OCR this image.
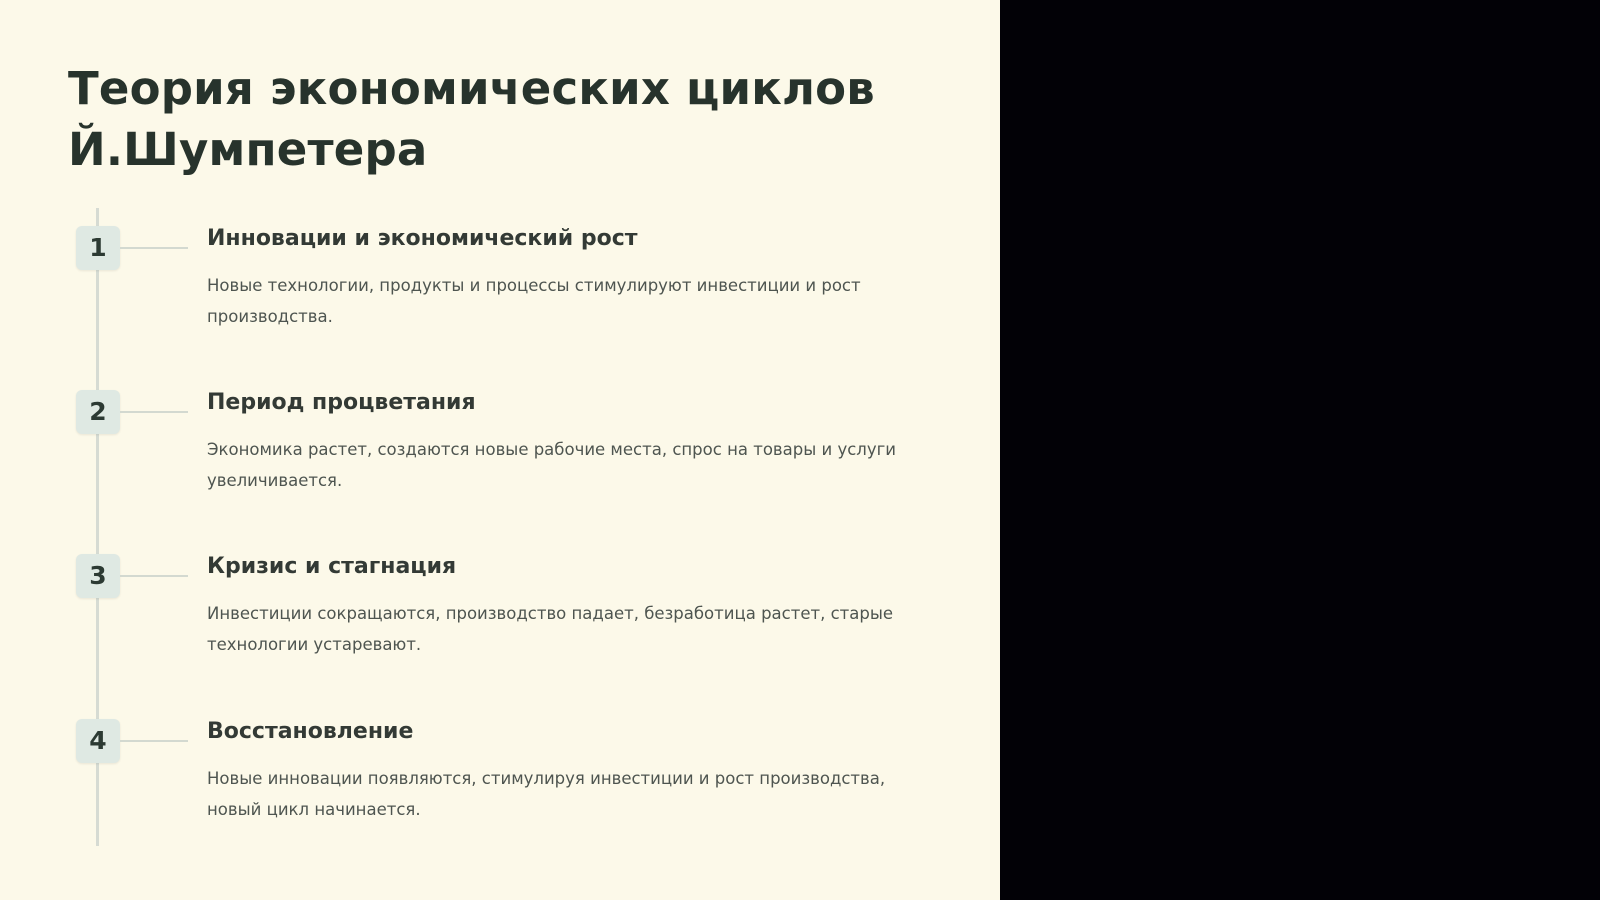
Теория экономических циклов Й.Шумпетера
1	Инновации и экономический рост

Новые технологии, продукты и процессы стимулируют инвестиции и рост производства.

2	Период процветания

Экономика растет, создаются новые рабочие места, спрос на товары и услуги увеличивается.

3	Кризис и стагнация

Инвестиции сокращаются, производство падает, безработица растет, старые технологии устаревают.

4	Восстановление

Новые инновации появляются, стимулируя инвестиции и рост производства, новый цикл начинается.
